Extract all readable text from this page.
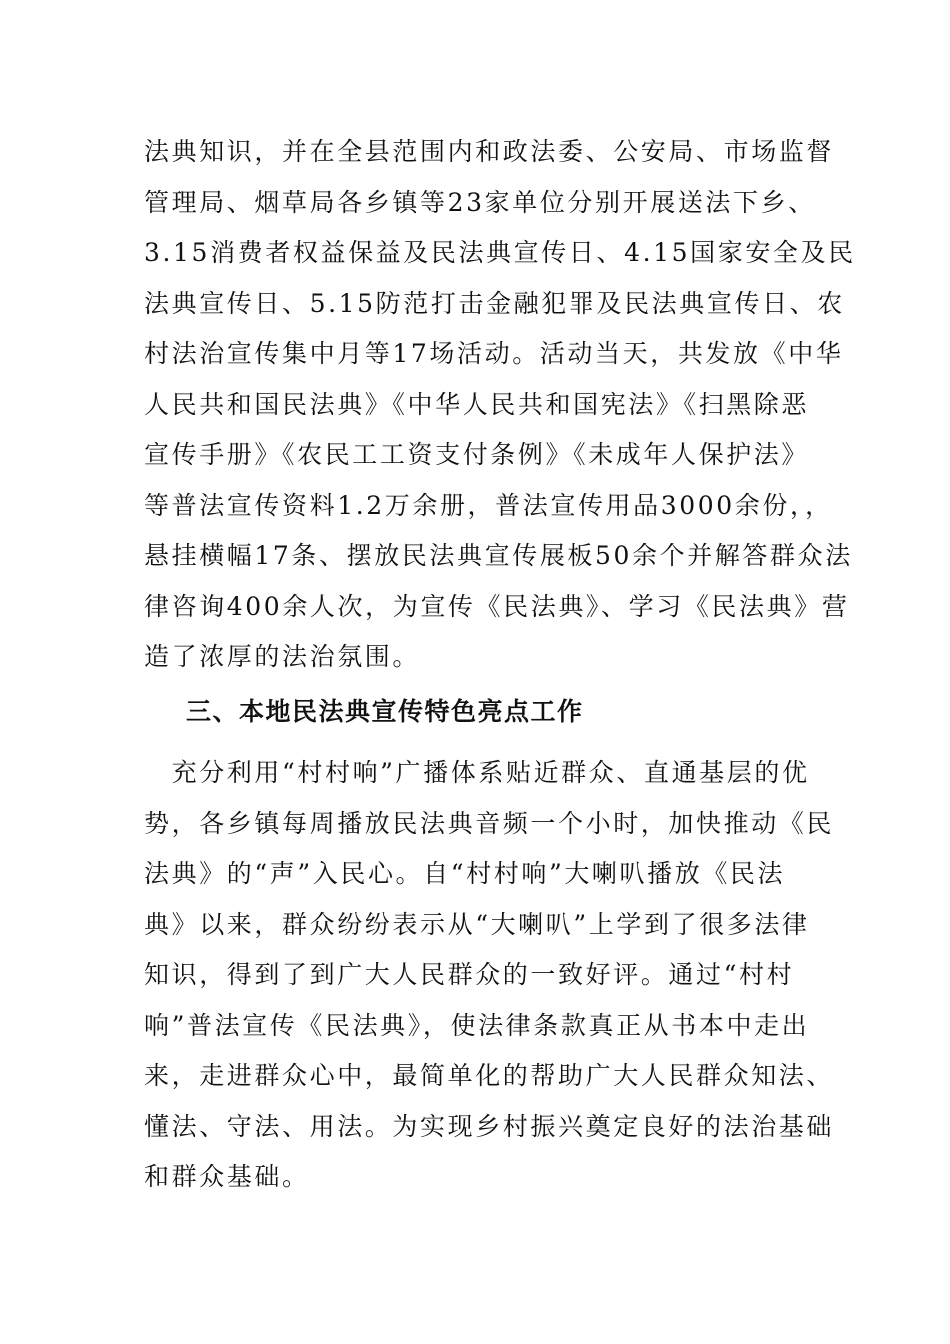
法典知识，并在全县范围内和政法委、公安局、市场监督
管理局、烟草局各乡镇等23家单位分别开展送法下乡、
3.15消费者权益保益及民法典宣传日、4.15国家安全及民
法典宣传日、5.15防范打击金融犯罪及民法典宣传日、农
村法治宣传集中月等17场活动。活动当天，共发放《中华
人民共和国民法典》《中华人民共和国宪法》《扫黑除恶
宣传手册》《农民工工资支付条例》《未成年人保护法》
等普法宣传资料1.2万余册，普法宣传用品3000余份，，
悬挂横幅17条、摆放民法典宣传展板50余个并解答群众法
律咨询400余人次，为宣传《民法典》、学习《民法典》营
造了浓厚的法治氛围。
三、本地民法典宣传特色亮点工作
　充分利用“村村响”广播体系贴近群众、直通基层的优
势，各乡镇每周播放民法典音频一个小时，加快推动《民
法典》的“声”入民心。自“村村响”大喇叭播放《民法
典》以来，群众纷纷表示从“大喇叭”上学到了很多法律
知识，得到了到广大人民群众的一致好评。通过“村村
响”普法宣传《民法典》，使法律条款真正从书本中走出
来，走进群众心中，最简单化的帮助广大人民群众知法、
懂法、守法、用法。为实现乡村振兴奠定良好的法治基础
和群众基础。
